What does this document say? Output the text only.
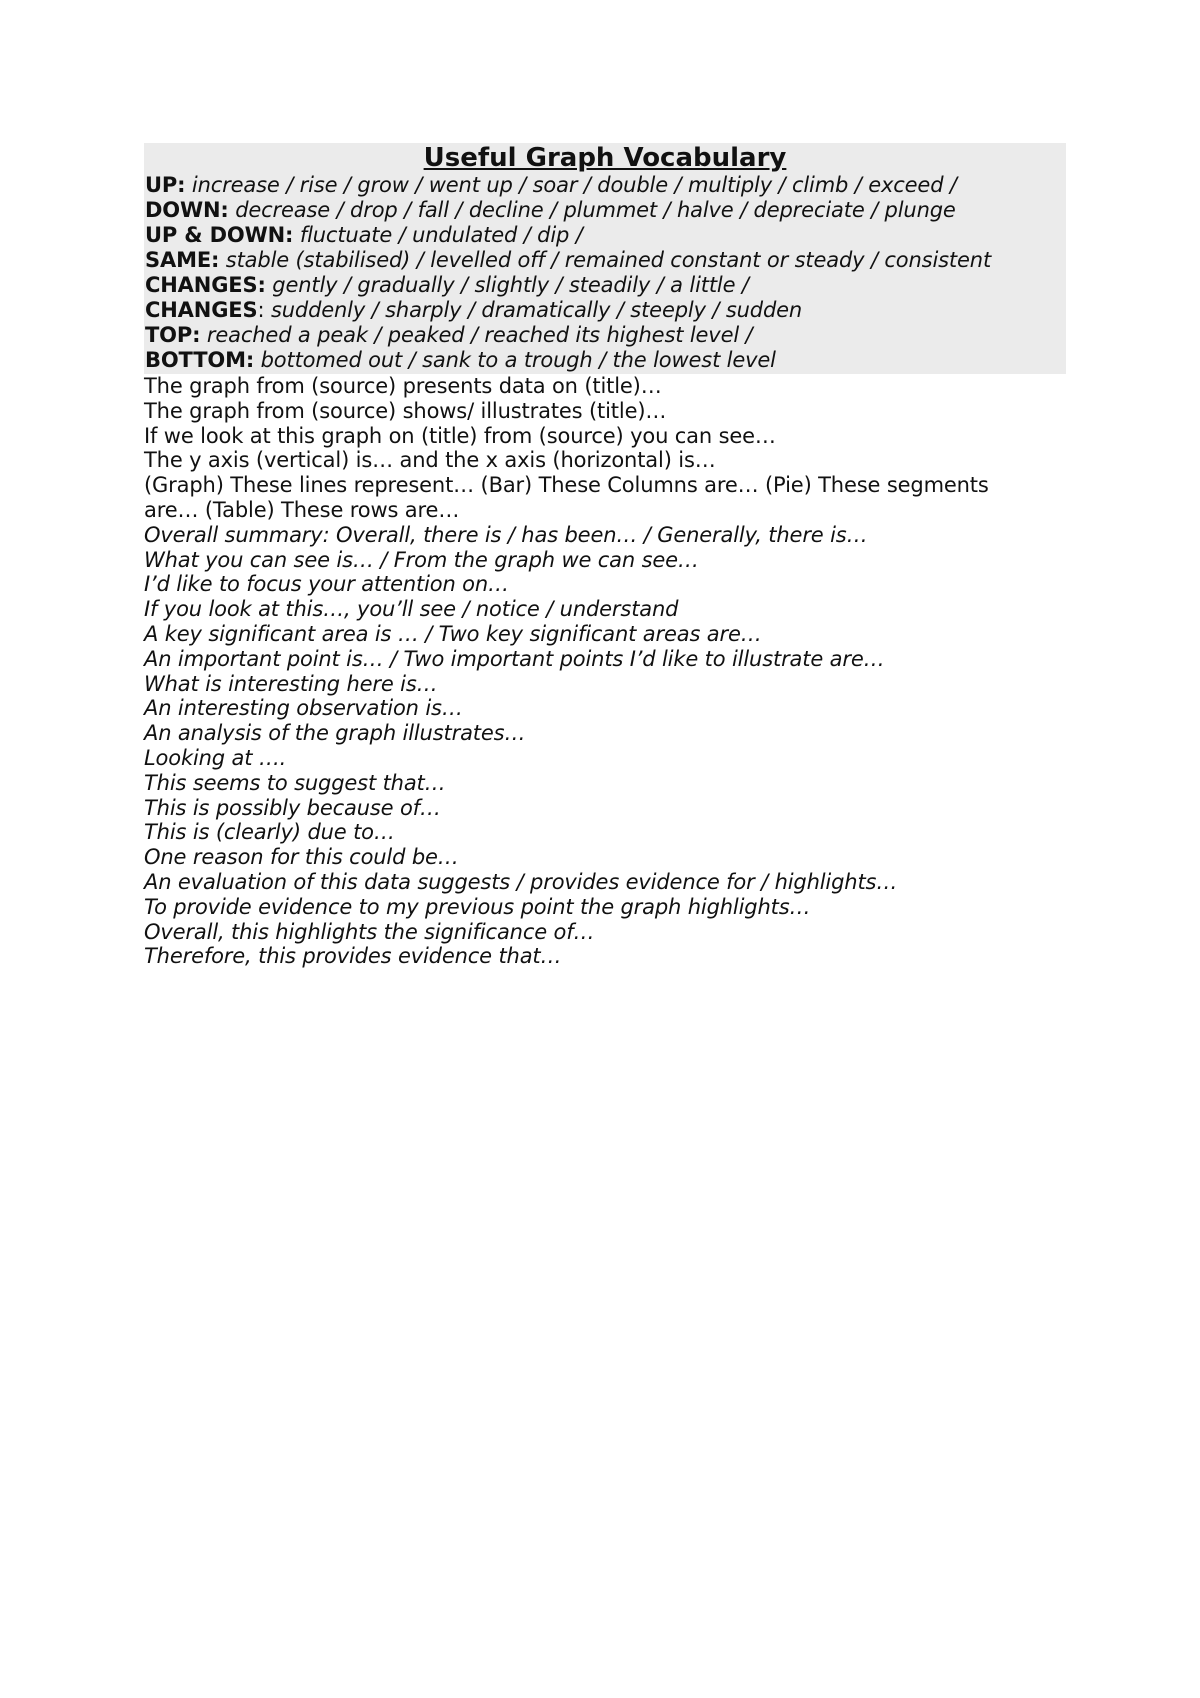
Useful Graph Vocabulary
UP: increase / rise / grow / went up / soar / double / multiply / climb / exceed /
DOWN: decrease / drop / fall / decline / plummet / halve / depreciate / plunge
UP & DOWN: fluctuate / undulated / dip /
SAME: stable (stabilised) / levelled off / remained constant or steady / consistent
CHANGES: gently / gradually / slightly / steadily / a little /
CHANGES: suddenly / sharply / dramatically / steeply / sudden
TOP: reached a peak / peaked / reached its highest level /
BOTTOM: bottomed out / sank to a trough / the lowest level
The graph from (source) presents data on (title)…
The graph from (source) shows/ illustrates (title)…
If we look at this graph on (title) from (source) you can see…
The y axis (vertical) is… and the x axis (horizontal) is…
(Graph) These lines represent… (Bar) These Columns are… (Pie) These segments
are… (Table) These rows are…
Overall summary: Overall, there is / has been… / Generally, there is…
What you can see is… / From the graph we can see…
I’d like to focus your attention on…
If you look at this…, you’ll see / notice / understand
A key significant area is … / Two key significant areas are…
An important point is… / Two important points I’d like to illustrate are…
What is interesting here is…
An interesting observation is…
An analysis of the graph illustrates…
Looking at ….
This seems to suggest that…
This is possibly because of…
This is (clearly) due to…
One reason for this could be…
An evaluation of this data suggests / provides evidence for / highlights…
To provide evidence to my previous point the graph highlights…
Overall, this highlights the significance of…
Therefore, this provides evidence that…
